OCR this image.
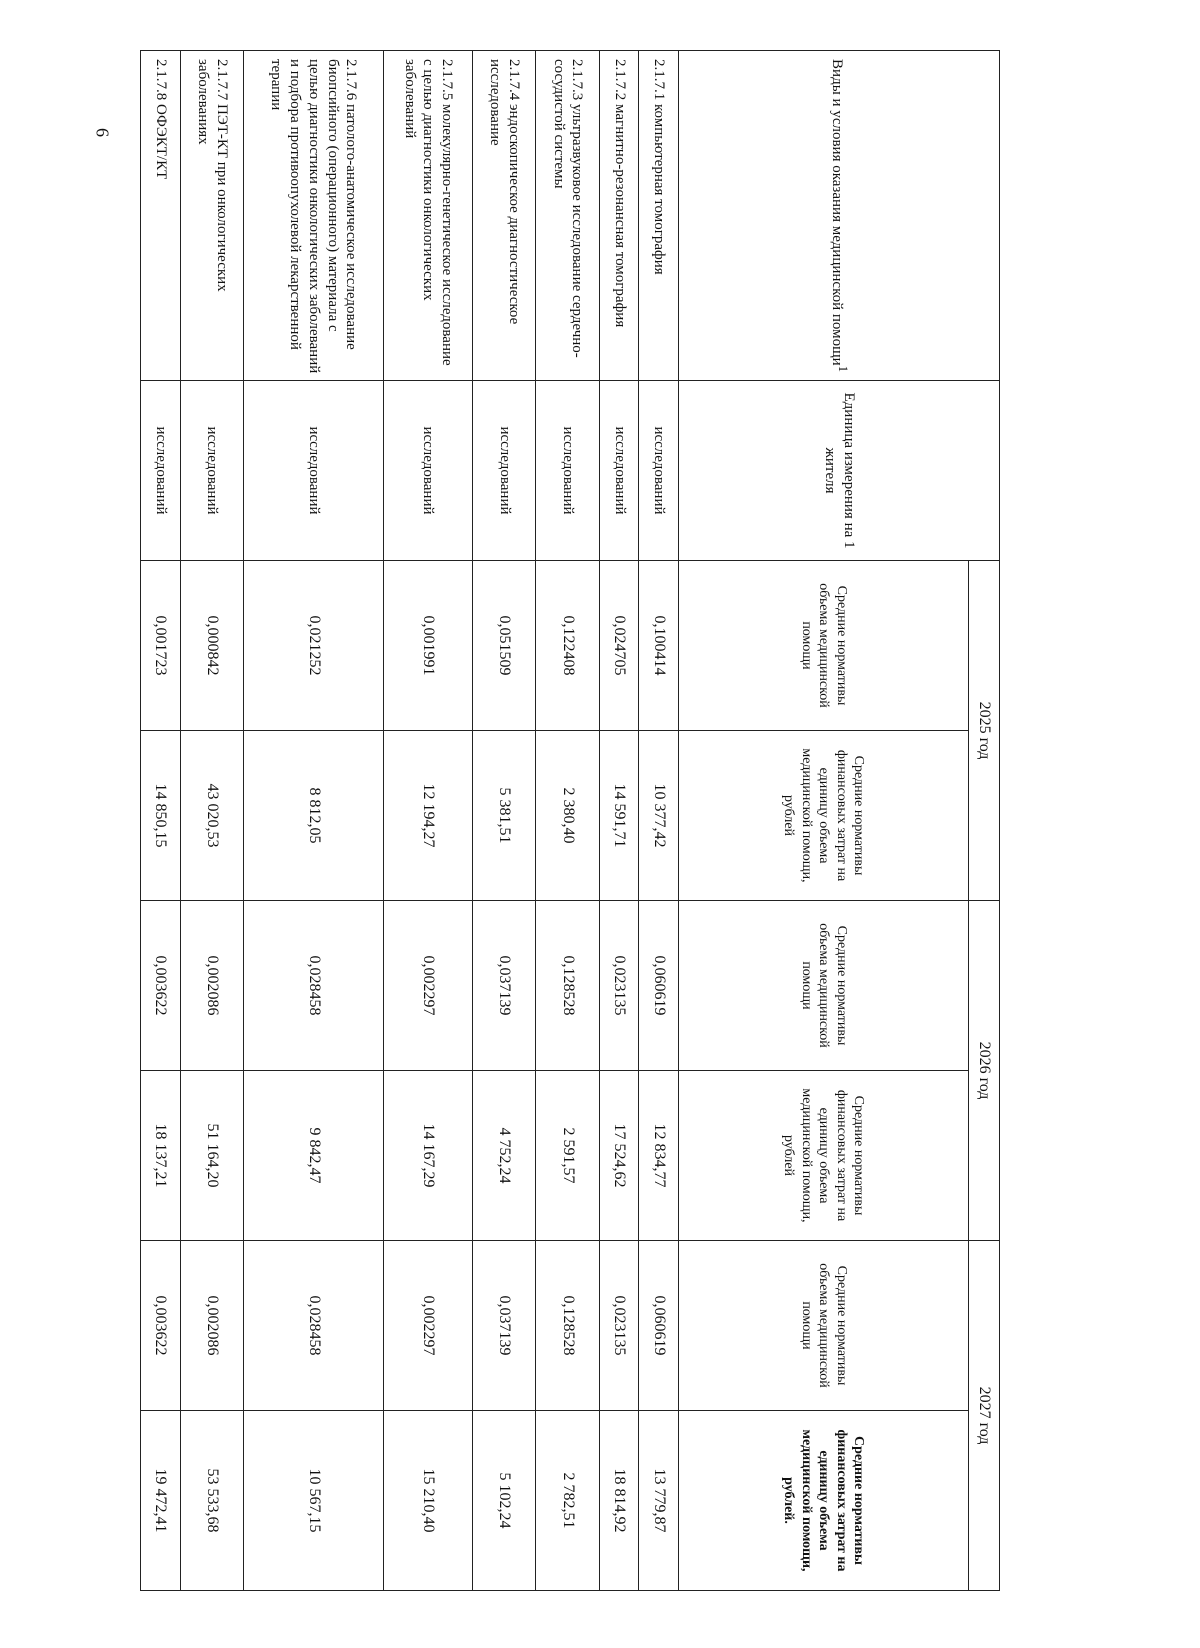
6	Виды и условия оказания медицинской помощи$^1$	Единица измерения на 1 жителя	2025 год		2026 год		2027 год	
		Средние нормативы объема медицинской помощи	Средние нормативы финансовых затрат на единицу объема медицинской помощи, рублей	Средние нормативы объема медицинской помощи	Средние нормативы финансовых затрат на единицу объема медицинской помощи, рублей	Средние нормативы объема медицинской помощи	Средние нормативы финансовых затрат на единицу объема медицинской помощи, рублей.
2.1.7.1 компьютерная томография	исследований	0,100414	10 377,42	0,060619	12 834,77	0,060619	13 779,87
2.1.7.2 магнитно-резонансная томография	исследований	0,024705	14 591,71	0,023135	17 524,62	0,023135	18 814,92
2.1.7.3 ультразвуковое исследование сердечно-сосудистой системы	исследований	0,122408	2 380,40	0,128528	2 591,57	0,128528	2 782,51
2.1.7.4 эндоскопическое диагностическое исследование	исследований	0,051509	5 381,51	0,037139	4 752,24	0,037139	5 102,24
2.1.7.5 молекулярно-генетическое исследование с целью диагностики онкологических заболеваний	исследований	0,001991	12 194,27	0,002297	14 167,29	0,002297	15 210,40
2.1.7.6 патолого-анатомическое исследование биопсийного (операционного) материала с целью диагностики онкологических заболеваний и подбора противоопухолевой лекарственной терапии	исследований	0,021252	8 812,05	0,028458	9 842,47	0,028458	10 567,15
2.1.7.7 ПЭТ-КТ при онкологических заболеваниях	исследований	0,000842	43 020,53	0,002086	51 164,20	0,002086	53 533,68
2.1.7.8 ОФЭКТ/КТ	исследований	0,001723	14 850,15	0,003622	18 137,21	0,003622	19 472,41
